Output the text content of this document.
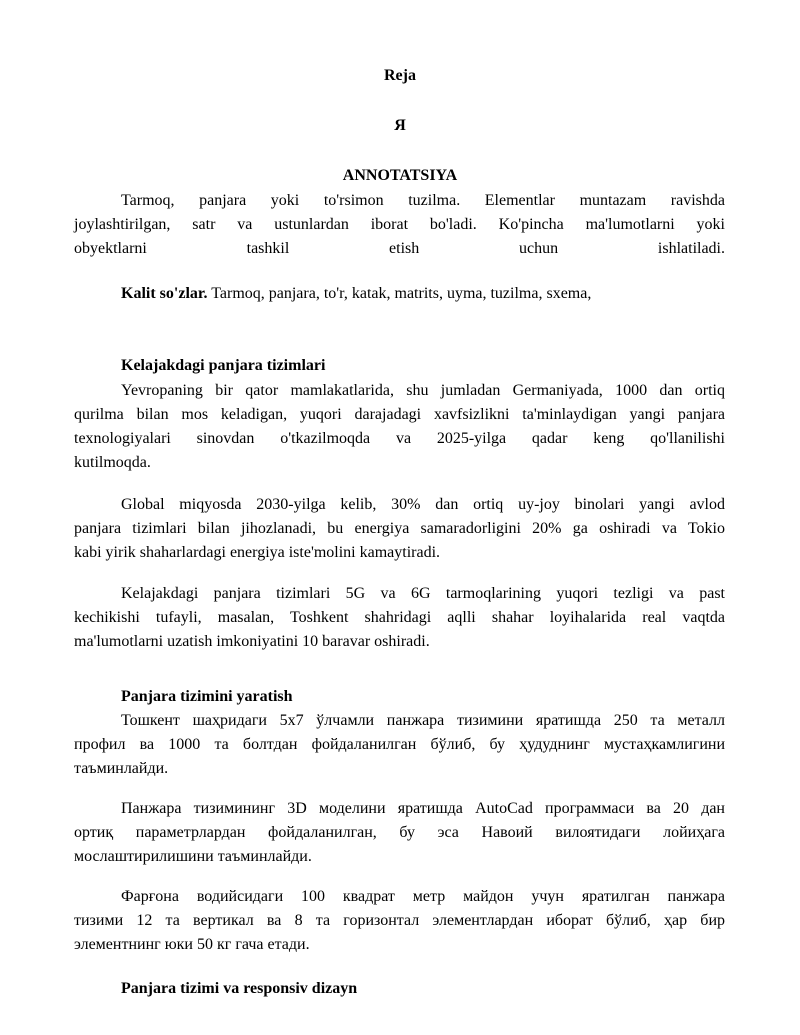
Reja
Я
ANNOTATSIYA
Tarmoq, panjara yoki to'rsimon tuzilma. Elementlar muntazam ravishda
joylashtirilgan, satr va ustunlardan iborat bo'ladi. Ko'pincha ma'lumotlarni yoki
obyektlarni tashkil etish uchun ishlatiladi.
Kalit so'zlar. Tarmoq, panjara, to'r, katak, matrits, uyma, tuzilma, sxema,
Kelajakdagi panjara tizimlari
Yevropaning bir qator mamlakatlarida, shu jumladan Germaniyada, 1000 dan ortiq
qurilma bilan mos keladigan, yuqori darajadagi xavfsizlikni ta'minlaydigan yangi panjara
texnologiyalari sinovdan o'tkazilmoqda va 2025-yilga qadar keng qo'llanilishi
kutilmoqda.
Global miqyosda 2030-yilga kelib, 30% dan ortiq uy-joy binolari yangi avlod
panjara tizimlari bilan jihozlanadi, bu energiya samaradorligini 20% ga oshiradi va Tokio
kabi yirik shaharlardagi energiya iste'molini kamaytiradi.
Kelajakdagi panjara tizimlari 5G va 6G tarmoqlarining yuqori tezligi va past
kechikishi tufayli, masalan, Toshkent shahridagi aqlli shahar loyihalarida real vaqtda
ma'lumotlarni uzatish imkoniyatini 10 baravar oshiradi.
Panjara tizimini yaratish
Тошкент шаҳридаги 5x7 ўлчамли панжара тизимини яратишда 250 та металл
профил ва 1000 та болтдан фойдаланилган бўлиб, бу ҳудуднинг мустаҳкамлигини
таъминлайди.
Панжара тизимининг 3D моделини яратишда AutoCad программаси ва 20 дан
ортиқ параметрлардан фойдаланилган, бу эса Навоий вилоятидаги лойиҳага
мослаштирилишини таъминлайди.
Фарғона водийсидаги 100 квадрат метр майдон учун яратилган панжара
тизими 12 та вертикал ва 8 та горизонтал элементлардан иборат бўлиб, ҳар бир
элементнинг юки 50 кг гача етади.
Panjara tizimi va responsiv dizayn
